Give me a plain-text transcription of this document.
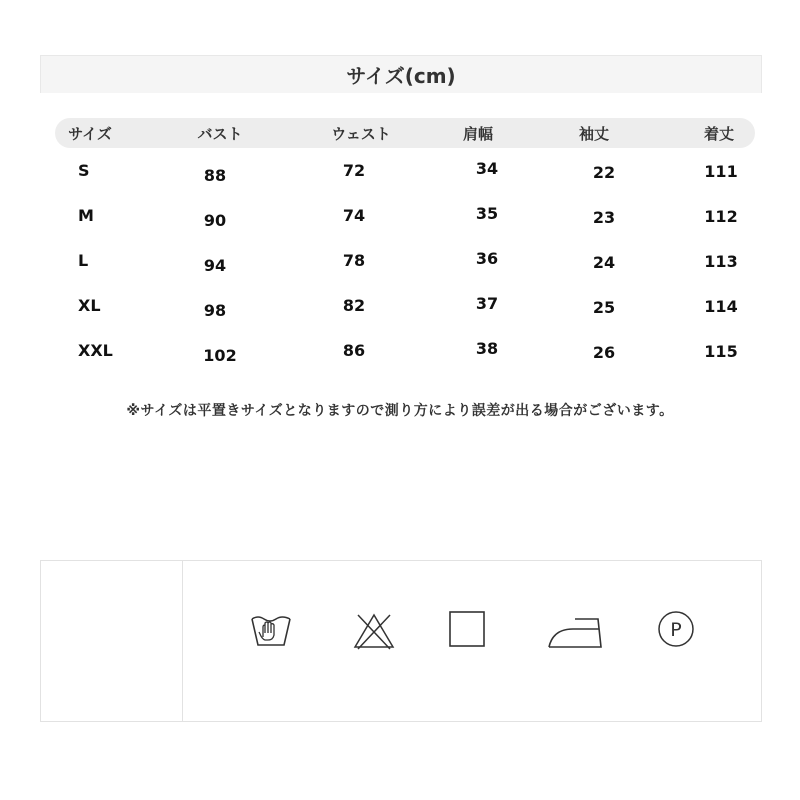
サイズ(cm)
サイズ	バスト	ウェスト	肩幅	袖丈	着丈
S	88	72	34	22	111
M	90	74	35	23	112
L	94	78	36	24	113
XL	98	82	37	25	114
XXL	102	86	38	26	115
※サイズは平置きサイズとなりますので測り方により誤差が出る場合がございます。
P
